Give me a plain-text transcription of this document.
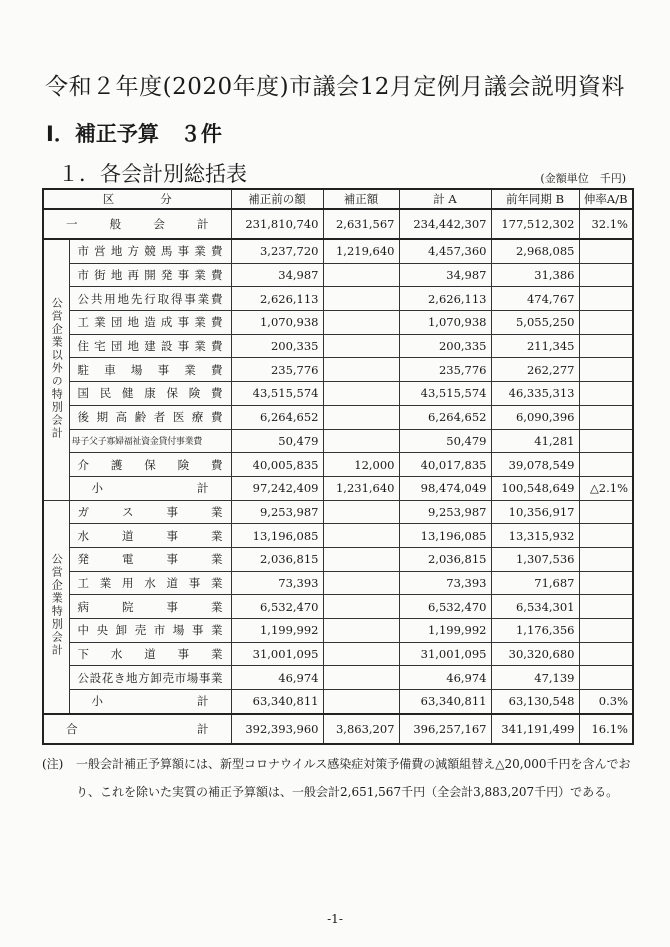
令和２年度(2020年度)市議会12月定例月議会説明資料
Ⅰ．補正予算　３件
１．各会計別総括表	(金額単位　千円)
区　　　　分		補正前の額	補正額	計 A	前年同期 B	伸率A/B
一　般　会　計		231,810,740	2,631,567	234,442,307	177,512,302	32.1%
公営企業以外の特別会計	市営地方競馬事業費	3,237,720	1,219,640	4,457,360	2,968,085	
	市街地再開発事業費	34,987		34,987	31,386	
	公共用地先行取得事業費	2,626,113		2,626,113	474,767	
	工業団地造成事業費	1,070,938		1,070,938	5,055,250	
	住宅団地建設事業費	200,335		200,335	211,345	
	駐車場事業費	235,776		235,776	262,277	
	国民健康保険費	43,515,574		43,515,574	46,335,313	
	後期高齢者医療費	6,264,652		6,264,652	6,090,396	
	母子父子寡婦福祉資金貸付事業費	50,479		50,479	41,281	
	介護保険費	40,005,835	12,000	40,017,835	39,078,549	
	小　　計	97,242,409	1,231,640	98,474,049	100,548,649	△2.1%
公営企業特別会計	ガス事業	9,253,987		9,253,987	10,356,917	
	水道事業	13,196,085		13,196,085	13,315,932	
	発電事業	2,036,815		2,036,815	1,307,536	
	工業用水道事業	73,393		73,393	71,687	
	病院事業	6,532,470		6,532,470	6,534,301	
	中央卸売市場事業	1,199,992		1,199,992	1,176,356	
	下水道事業	31,001,095		31,001,095	30,320,680	
	公設花き地方卸売市場事業	46,974		46,974	47,139	
	小　　計	63,340,811		63,340,811	63,130,548	0.3%
合　　　　計		392,393,960	3,863,207	396,257,167	341,191,499	16.1%
(注) 一般会計補正予算額には、新型コロナウイルス感染症対策予備費の減額組替え△20,000千円を含んでおり、これを除いた実質の補正予算額は、一般会計2,651,567千円（全会計3,883,207千円）である。
-1-
